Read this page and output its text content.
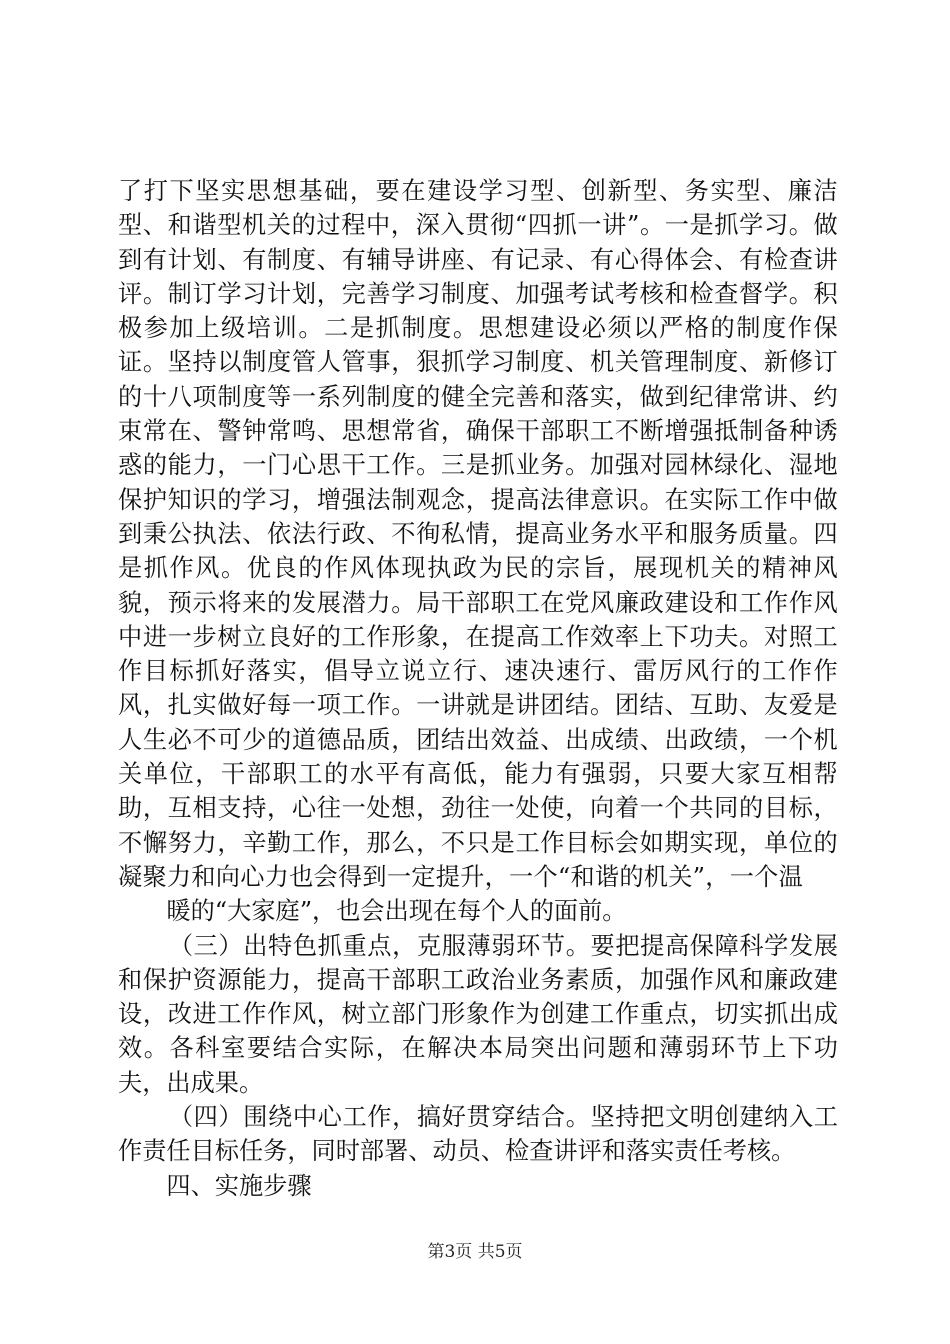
了打下坚实思想基础，要在建设学习型、创新型、务实型、廉洁型、和谐型机关的过程中，深入贯彻“四抓一讲”。一是抓学习。做到有计划、有制度、有辅导讲座、有记录、有心得体会、有检查讲评。制订学习计划，完善学习制度、加强考试考核和检查督学。积极参加上级培训。二是抓制度。思想建设必须以严格的制度作保证。坚持以制度管人管事，狠抓学习制度、机关管理制度、新修订的十八项制度等一系列制度的健全完善和落实，做到纪律常讲、约束常在、警钟常鸣、思想常省，确保干部职工不断增强抵制备种诱惑的能力，一门心思干工作。三是抓业务。加强对园林绿化、湿地保护知识的学习，增强法制观念，提高法律意识。在实际工作中做到秉公执法、依法行政、不徇私情，提高业务水平和服务质量。四是抓作风。优良的作风体现执政为民的宗旨，展现机关的精神风貌，预示将来的发展潜力。局干部职工在党风廉政建设和工作作风中进一步树立良好的工作形象，在提高工作效率上下功夫。对照工作目标抓好落实，倡导立说立行、速决速行、雷厉风行的工作作风，扎实做好每一项工作。一讲就是讲团结。团结、互助、友爱是人生必不可少的道德品质，团结出效益、出成绩、出政绩，一个机关单位，干部职工的水平有高低，能力有强弱，只要大家互相帮助，互相支持，心往一处想，劲往一处使，向着一个共同的目标，不懈努力，辛勤工作，那么，不只是工作目标会如期实现，单位的凝聚力和向心力也会得到一定提升，一个“和谐的机关”，一个温

暖的“大家庭”，也会出现在每个人的面前。

（三）出特色抓重点，克服薄弱环节。要把提高保障科学发展和保护资源能力，提高干部职工政治业务素质，加强作风和廉政建设，改进工作作风，树立部门形象作为创建工作重点，切实抓出成效。各科室要结合实际，在解决本局突出问题和薄弱环节上下功夫，出成果。

（四）围绕中心工作，搞好贯穿结合。坚持把文明创建纳入工作责任目标任务，同时部署、动员、检查讲评和落实责任考核。

四、实施步骤

第3页 共5页
